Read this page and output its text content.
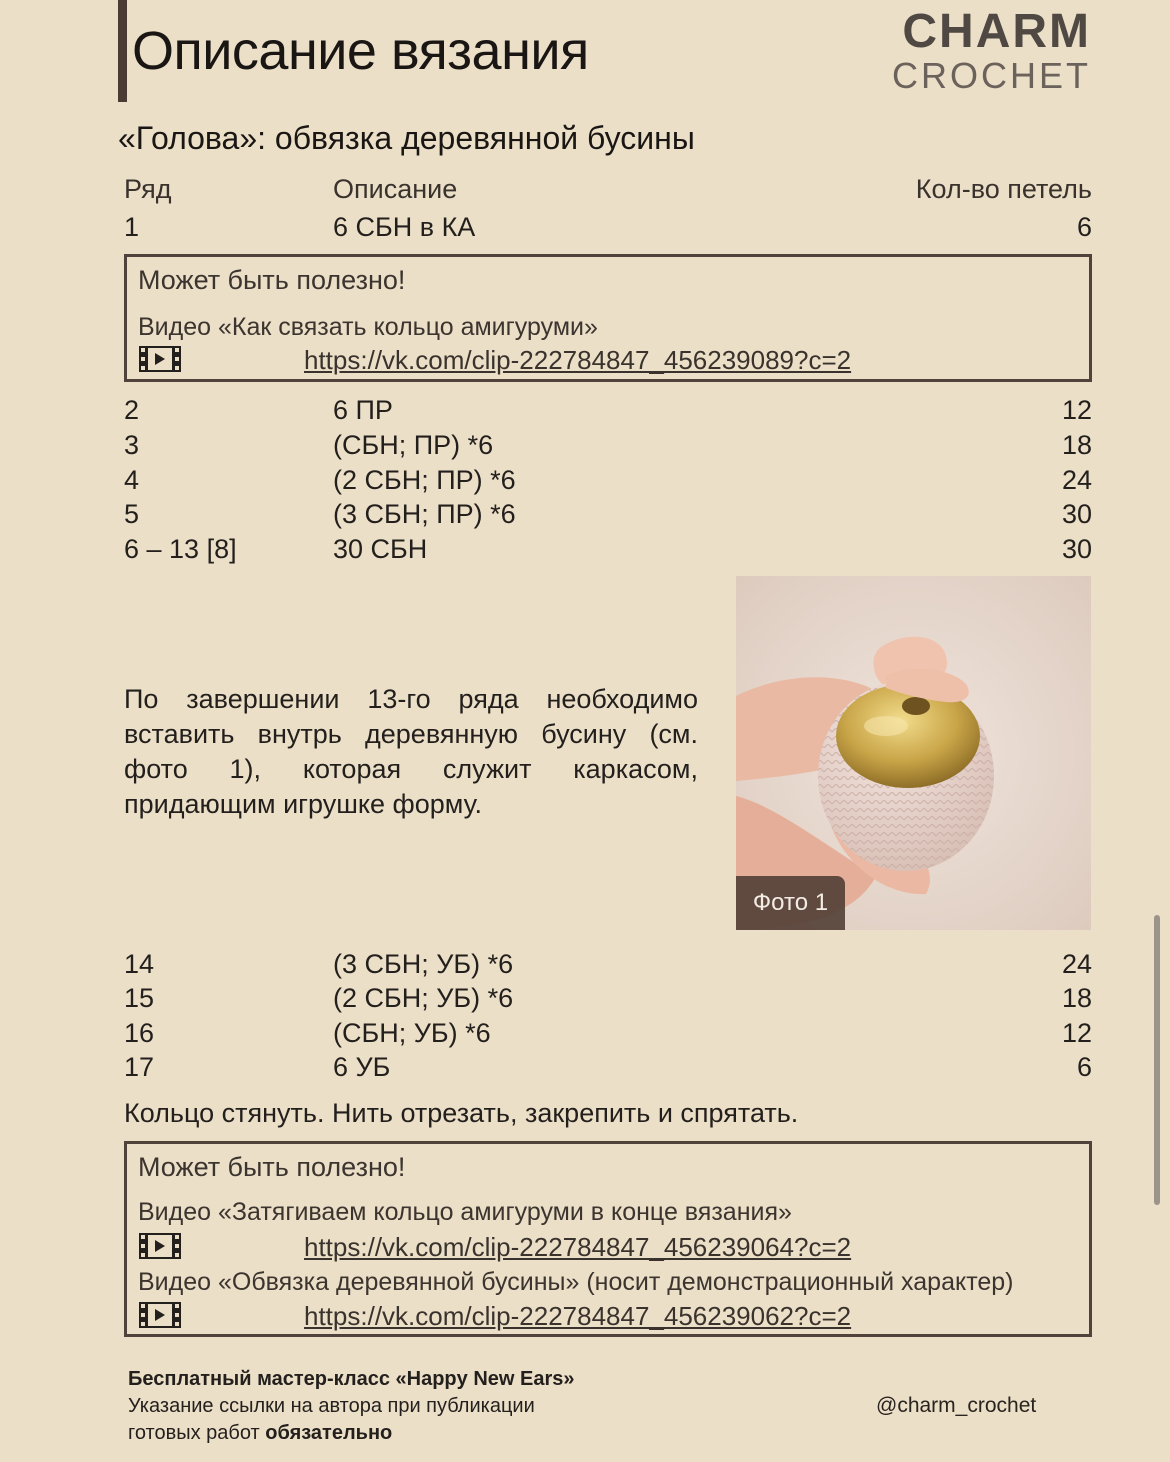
Описание вязания	CHARM
CROCHET
«Голова»: обвязка деревянной бусины
Ряд	Описание	Кол-во петель
1	6 СБН в КА	6
Может быть полезно!
Видео «Как связать кольцо амигуруми»
https://vk.com/clip-222784847_456239089?c=2
2	6 ПР	12
3	(СБН; ПР) *6	18
4	(2 СБН; ПР) *6	24
5	(3 СБН; ПР) *6	30
6 – 13 [8]	30 СБН	30
По завершении 13-го ряда необходимо вставить внутрь деревянную бусину (см. фото 1), которая служит каркасом, придающим игрушке форму.
Фото 1
14	(3 СБН; УБ) *6	24
15	(2 СБН; УБ) *6	18
16	(СБН; УБ) *6	12
17	6 УБ	6
Кольцо стянуть. Нить отрезать, закрепить и спрятать.
Может быть полезно!
Видео «Затягиваем кольцо амигуруми в конце вязания»
https://vk.com/clip-222784847_456239064?c=2
Видео «Обвязка деревянной бусины» (носит демонстрационный характер)
https://vk.com/clip-222784847_456239062?c=2
Бесплатный мастер-класс «Happy New Ears»
Указание ссылки на автора при публикации
готовых работ обязательно
@charm_crochet
